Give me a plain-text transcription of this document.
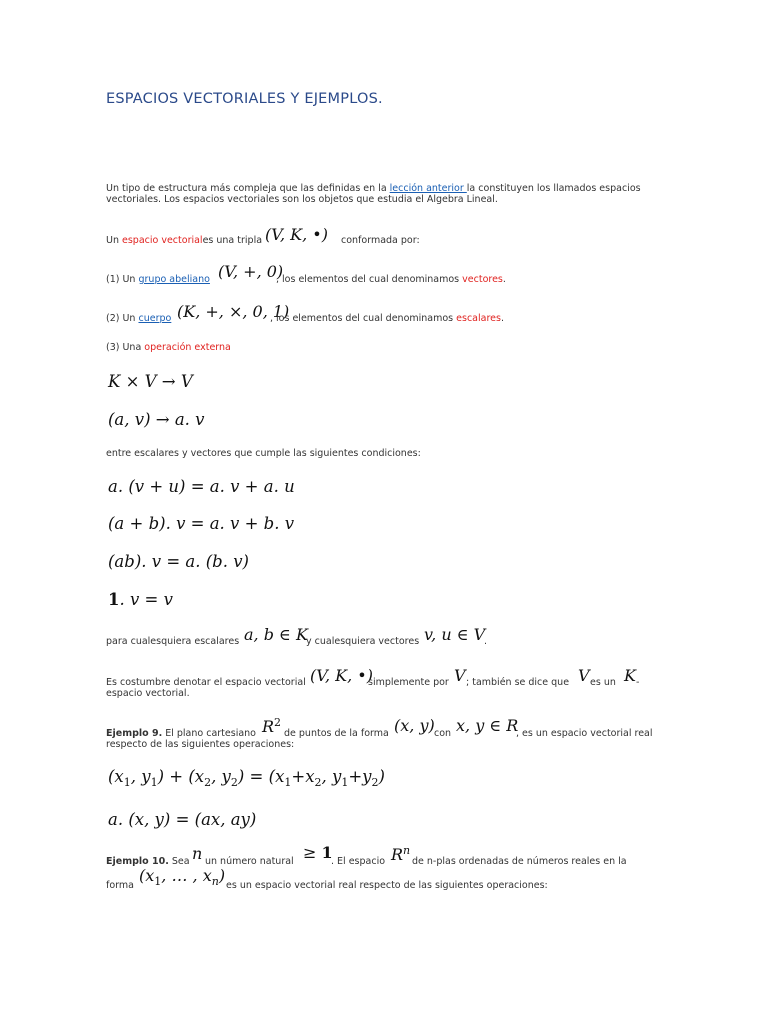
ESPACIOS VECTORIALES Y EJEMPLOS.
Un tipo de estructura más compleja que las definidas en la lección anterior la constituyen los llamados espacios
vectoriales. Los espacios vectoriales son los objetos que estudia el Algebra Lineal.
Un espacio vectoriales una tripla (V, K, •) conformada por:
(1) Un grupo abeliano (V, +, 0)
, los elementos del cual denominamos vectores.
(2) Un cuerpo (K, +, ×, 0, 1)
, los elementos del cual denominamos escalares.
(3) Una operación externa
K × V → V
(a, v) → a. v
entre escalares y vectores que cumple las siguientes condiciones:
a. (v + u) = a. v + a. u
(a + b). v = a. v + b. v
(ab). v = a. (b. v)
1. v = v
para cualesquiera escalares a, b ∈ K
y cualesquiera vectores v, u ∈ V
.
Es costumbre denotar el espacio vectorial (V, K, •)
simplemente por V ; también se dice que V es un K -
espacio vectorial.
Ejemplo 9. El plano cartesiano $R^2$
de puntos de la forma (x, y) con x, y ∈ R
, es un espacio vectorial real
respecto de las siguientes operaciones:
($x_1$, $y_1) + (x_2$, $y_2) = (x_1+x_2$, $y_1+y_2$)
a. (x, y) = (ax, ay)
Ejemplo 10. Sea n un número natural ≥ 1
. El espacio $R^n$
de n-plas ordenadas de números reales en la
forma
($x_1$, … , $x_n$)
es un espacio vectorial real respecto de las siguientes operaciones:
